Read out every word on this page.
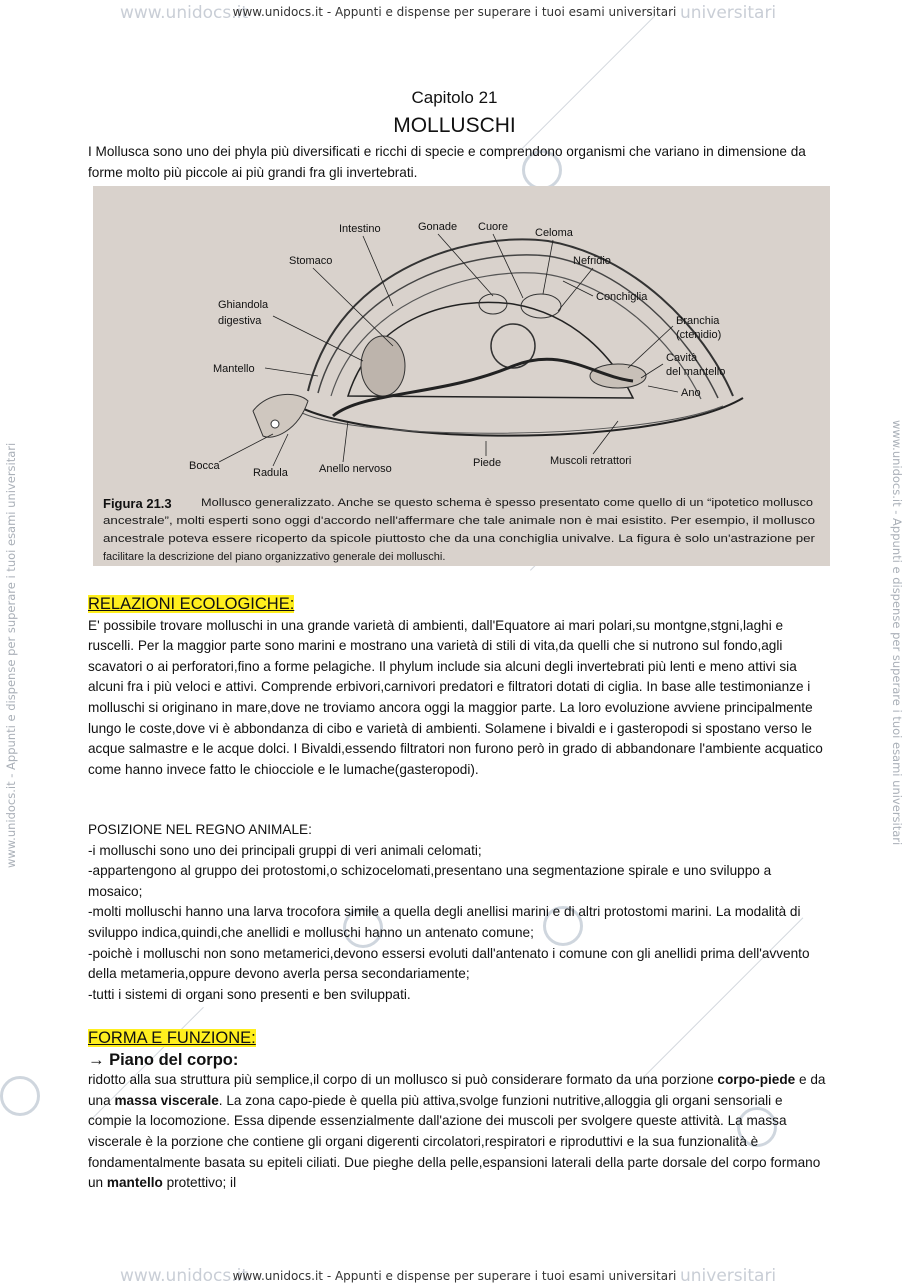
www.unidocs.it	universitari
www.unidocs.it - Appunti e dispense per superare i tuoi esami universitari
www.unidocs.it	universitari
www.unidocs.it - Appunti e dispense per superare i tuoi esami universitari
www.unidocs.it - Appunti e dispense per superare i tuoi esami universitari	www.unidocs.it - Appunti e dispense per superare i tuoi esami universitari
Capitolo 21
MOLLUSCHI

I Mollusca sono uno dei phyla più diversificati e ricchi di specie e comprendono organismi che variano in dimensione da forme molto più piccole ai più grandi fra gli invertebrati.

Intestino	Gonade Cuore Celoma
Stomaco	Nefridio
Ghiandola
digestiva
Conchiglia
Branchia
(ctenidio)
Mantello
Cavità
del mantello
Ano
Bocca
Radula	Anello nervoso	Piede	Muscoli retrattori
Figura 21.3	Mollusco generalizzato. Anche se questo schema è spesso presentato come quello di un “ipotetico mollusco
ancestrale”, molti esperti sono oggi d'accordo nell'affermare che tale animale non è mai esistito. Per esempio, il mollusco
ancestrale poteva essere ricoperto da spicole piuttosto che da una conchiglia univalve. La figura è solo un'astrazione per
facilitare la descrizione del piano organizzativo generale dei molluschi.

RELAZIONI ECOLOGICHE:

E' possibile trovare molluschi in una grande varietà di ambienti, dall'Equatore ai mari polari,su montgne,stgni,laghi e ruscelli. Per la maggior parte sono marini e mostrano una varietà di stili di vita,da quelli che si nutrono sul fondo,agli scavatori o ai perforatori,fino a forme pelagiche. Il phylum include sia alcuni degli invertebrati più lenti e meno attivi sia alcuni fra i più veloci e attivi. Comprende erbivori,carnivori predatori e filtratori dotati di ciglia. In base alle testimonianze i molluschi si originano in mare,dove ne troviamo ancora oggi la maggior parte. La loro evoluzione avviene principalmente lungo le coste,dove vi è abbondanza di cibo e varietà di ambienti. Solamene i bivaldi e i gasteropodi si spostano verso le acque salmastre e le acque dolci. I Bivaldi,essendo filtratori non furono però in grado di abbandonare l'ambiente acquatico come hanno invece fatto le chiocciole e le lumache(gasteropodi).

POSIZIONE NEL REGNO ANIMALE:

-i molluschi sono uno dei principali gruppi di veri animali celomati;

-appartengono al gruppo dei protostomi,o schizocelomati,presentano una segmentazione spirale e uno sviluppo a mosaico;

-molti molluschi hanno una larva trocofora simile a quella degli anellisi marini e di altri protostomi marini. La modalità di sviluppo indica,quindi,che anellidi e molluschi hanno un antenato comune;

-poichè i molluschi non sono metamerici,devono essersi evoluti dall'antenato i comune con gli anellidi prima dell'avvento della metameria,oppure devono averla persa secondariamente;

-tutti i sistemi di organi sono presenti e ben sviluppati.

FORMA E FUNZIONE:

→ Piano del corpo:

ridotto alla sua struttura più semplice,il corpo di un mollusco si può considerare formato da una porzione corpo-piede e da una massa viscerale. La zona capo-piede è quella più attiva,svolge funzioni nutritive,alloggia gli organi sensoriali e compie la locomozione. Essa dipende essenzialmente dall'azione dei muscoli per svolgere queste attività. La massa viscerale è la porzione che contiene gli organi digerenti circolatori,respiratori e riproduttivi e la sua funzionalità è fondamentalmente basata su epiteli ciliati. Due pieghe della pelle,espansioni laterali della parte dorsale del corpo formano un mantello protettivo; il
